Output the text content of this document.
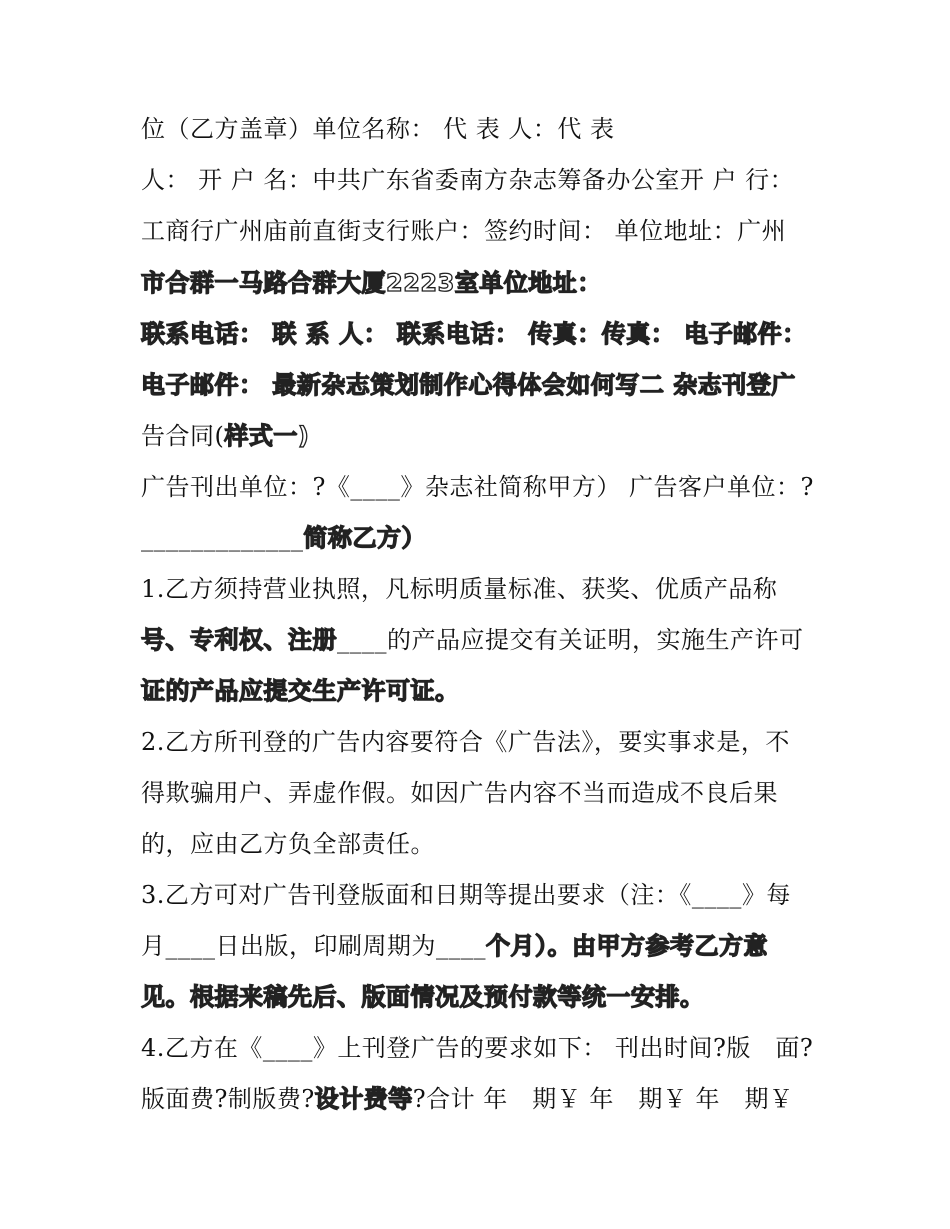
位（乙方盖章）单位名称： 代 表 人：代 表
人： 开 户 名：中共广东省委南方杂志筹备办公室开 户 行：
工商行广州庙前直街支行账户：签约时间： 单位地址：广州
市合群一马路合群大厦2223室单位地址：
联系电话： 联 系 人： 联系电话： 传真：传真： 电子邮件：
电子邮件： 最新杂志策划制作心得体会如何写二 杂志刊登广
告合同(样式一)
广告刊出单位：?《____》杂志社简称甲方） 广告客户单位：?
_____________简称乙方）
1.乙方须持营业执照，凡标明质量标准、获奖、优质产品称
号、专利权、注册____的产品应提交有关证明，实施生产许可
证的产品应提交生产许可证。
2.乙方所刊登的广告内容要符合《广告法》，要实事求是，不
得欺骗用户、弄虚作假。如因广告内容不当而造成不良后果
的，应由乙方负全部责任。
3.乙方可对广告刊登版面和日期等提出要求（注：《____》每
月____日出版，印刷周期为____个月）。由甲方参考乙方意
见。根据来稿先后、版面情况及预付款等统一安排。
4.乙方在《____》上刊登广告的要求如下： 刊出时间?版　面?
版面费?制版费?设计费等?合计 年　期￥ 年　期￥ 年　期￥
